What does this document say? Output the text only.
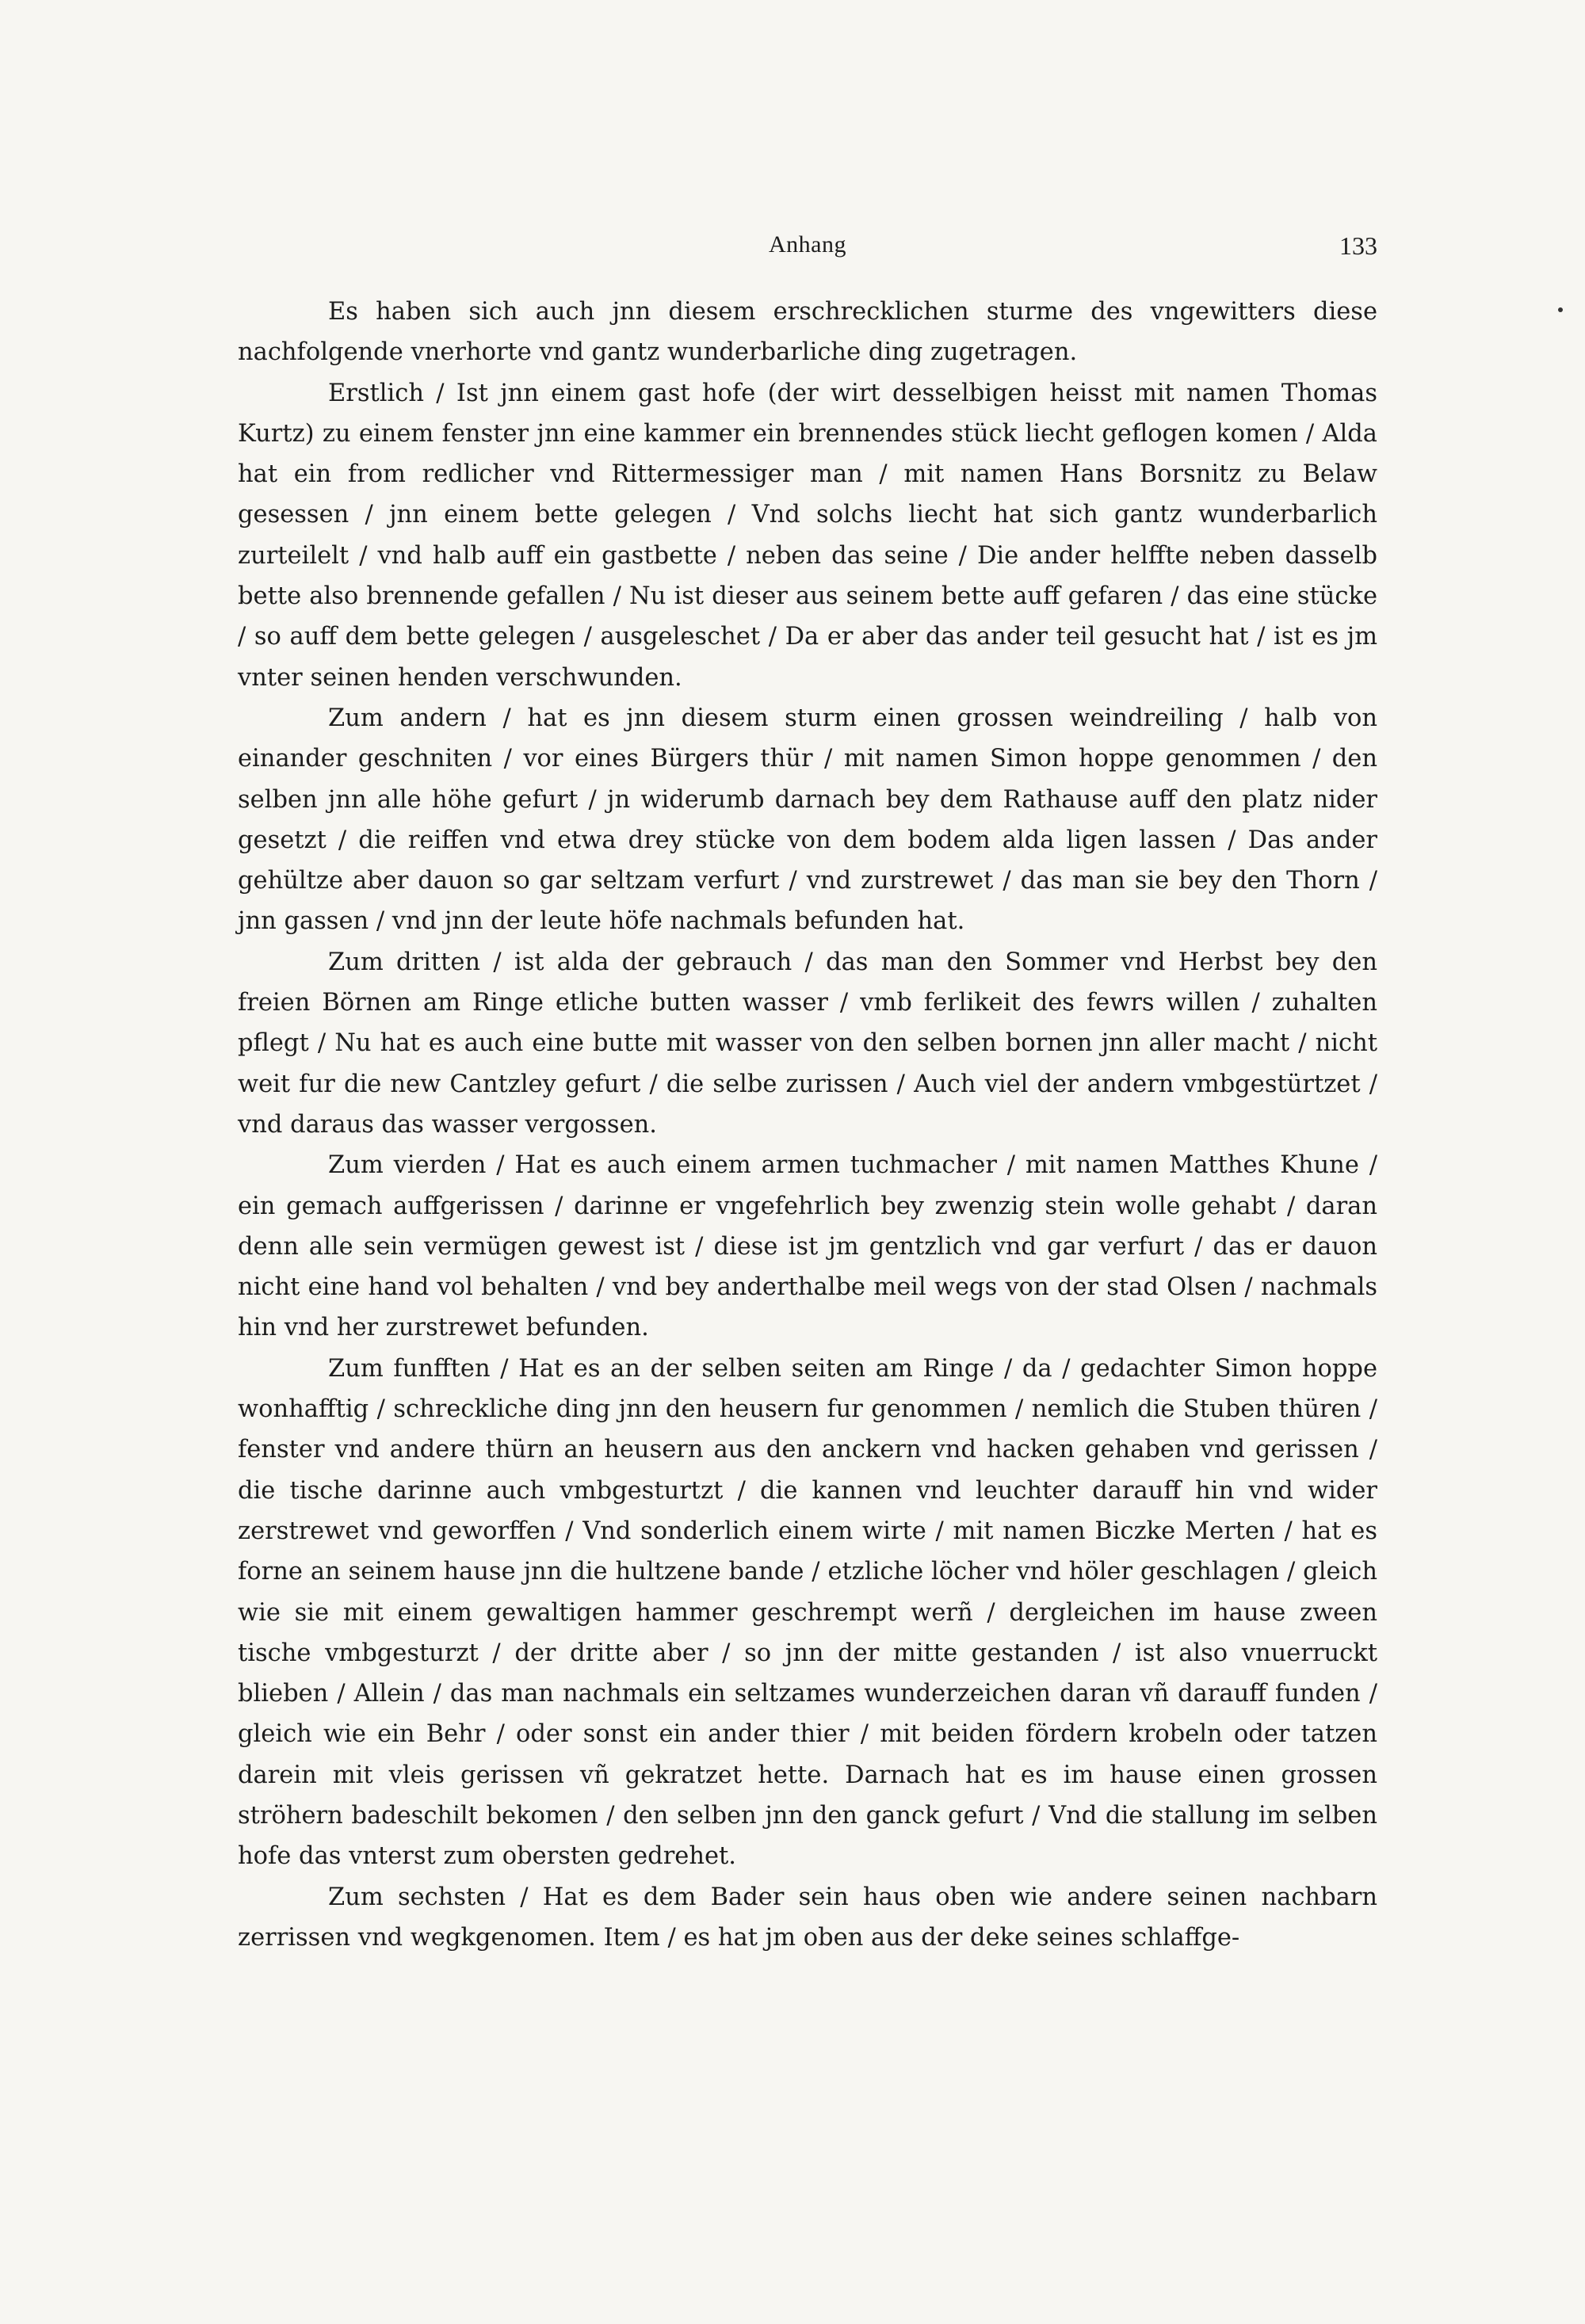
Anhang	133

Es haben sich auch jnn diesem erschrecklichen sturme des vngewitters diese nachfolgende vnerhorte vnd gantz wunderbarliche ding zugetragen.

Erstlich / Ist jnn einem gast hofe (der wirt desselbigen heisst mit namen Thomas Kurtz) zu einem fenster jnn eine kammer ein brennendes stück liecht geflogen komen / Alda hat ein from redlicher vnd Rittermessiger man / mit namen Hans Borsnitz zu Belaw gesessen / jnn einem bette gelegen / Vnd solchs liecht hat sich gantz wunderbarlich zurteilelt / vnd halb auff ein gastbette / neben das seine / Die ander helffte neben dasselb bette also brennende gefallen / Nu ist dieser aus seinem bette auff gefaren / das eine stücke / so auff dem bette gelegen / ausgeleschet / Da er aber das ander teil gesucht hat / ist es jm vnter seinen henden verschwunden.

Zum andern / hat es jnn diesem sturm einen grossen weindreiling / halb von einander geschniten / vor eines Bürgers thür / mit namen Simon hoppe genommen / den selben jnn alle höhe gefurt / jn widerumb darnach bey dem Rathause auff den platz nider gesetzt / die reiffen vnd etwa drey stücke von dem bodem alda ligen lassen / Das ander gehültze aber dauon so gar seltzam verfurt / vnd zurstrewet / das man sie bey den Thorn / jnn gassen / vnd jnn der leute höfe nachmals befunden hat.

Zum dritten / ist alda der gebrauch / das man den Sommer vnd Herbst bey den freien Börnen am Ringe etliche butten wasser / vmb ferlikeit des fewrs willen / zuhalten pflegt / Nu hat es auch eine butte mit wasser von den selben bornen jnn aller macht / nicht weit fur die new Cantzley gefurt / die selbe zurissen / Auch viel der andern vmbgestürtzet / vnd daraus das wasser vergossen.

Zum vierden / Hat es auch einem armen tuchmacher / mit namen Matthes Khune / ein gemach auffgerissen / darinne er vngefehrlich bey zwenzig stein wolle gehabt / daran denn alle sein vermügen gewest ist / diese ist jm gentzlich vnd gar verfurt / das er dauon nicht eine hand vol behalten / vnd bey anderthalbe meil wegs von der stad Olsen / nachmals hin vnd her zurstrewet befunden.

Zum funfften / Hat es an der selben seiten am Ringe / da / gedachter Simon hoppe wonhafftig / schreckliche ding jnn den heusern fur genommen / nemlich die Stuben thüren / fenster vnd andere thürn an heusern aus den anckern vnd hacken gehaben vnd gerissen / die tische darinne auch vmbgesturtzt / die kannen vnd leuchter darauff hin vnd wider zerstrewet vnd geworffen / Vnd sonderlich einem wirte / mit namen Biczke Merten / hat es forne an seinem hause jnn die hultzene bande / etzliche löcher vnd höler geschlagen / gleich wie sie mit einem gewaltigen hammer geschrempt werñ / dergleichen im hause zween tische vmbgesturzt / der dritte aber / so jnn der mitte gestanden / ist also vnuerruckt blieben / Allein / das man nachmals ein seltzames wunderzeichen daran vñ darauff funden / gleich wie ein Behr / oder sonst ein ander thier / mit beiden fördern krobeln oder tatzen darein mit vleis gerissen vñ gekratzet hette. Darnach hat es im hause einen grossen ströhern badeschilt bekomen / den selben jnn den ganck gefurt / Vnd die stallung im selben hofe das vnterst zum obersten gedrehet.

Zum sechsten / Hat es dem Bader sein haus oben wie andere seinen nachbarn zerrissen vnd wegkgenomen. Item / es hat jm oben aus der deke seines schlaffge-
